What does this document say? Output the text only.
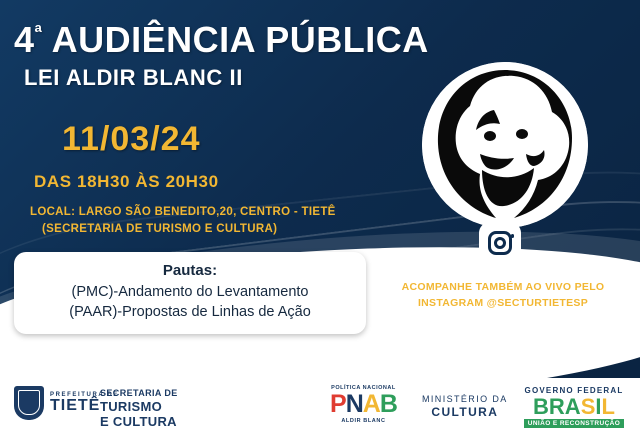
$4^ª$ AUDIÊNCIA PÚBLICA
LEI ALDIR BLANC II
11/03/24
DAS 18H30 ÀS 20H30
LOCAL: LARGO SÃO BENEDITO,20, CENTRO - TIETÊ
(SECRETARIA DE TURISMO E CULTURA)
Pautas:
(PMC)-Andamento do Levantamento
(PAAR)-Propostas de Linhas de Ação
ACOMPANHE TAMBÉM AO VIVO PELO
INSTAGRAM @SECTURTIETESP
PREFEITURA DE
TIETÊ
SECRETARIA DE
TURISMO
E CULTURA
POLÍTICA NACIONAL
PNAB
ALDIR BLANC
MINISTÉRIO DA
CULTURA
GOVERNO FEDERAL
BRASIL
UNIÃO E RECONSTRUÇÃO
